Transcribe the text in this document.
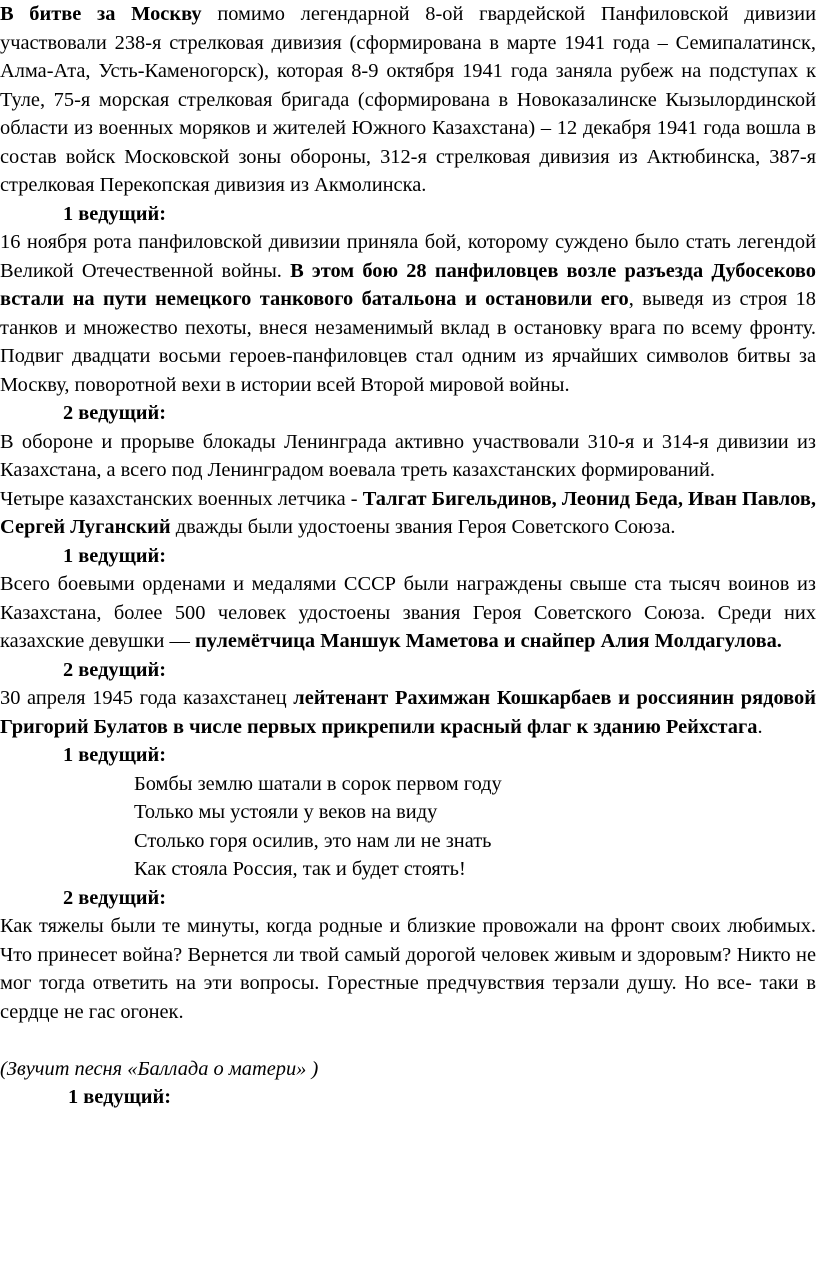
В битве за Москву помимо легендарной 8-ой гвардейской Панфиловской дивизии участвовали 238-я стрелковая дивизия (сформирована в марте 1941 года – Семипалатинск, Алма-Ата, Усть-Каменогорск), которая 8-9 октября 1941 года заняла рубеж на подступах к Туле, 75-я морская стрелковая бригада (сформирована в Новоказалинске Кызылординской области из военных моряков и жителей Южного Казахстана) – 12 декабря 1941 года вошла в состав войск Московской зоны обороны, 312-я стрелковая дивизия из Актюбинска, 387-я стрелковая Перекопская дивизия из Акмолинска.

1 ведущий:

16 ноября рота панфиловской дивизии приняла бой, которому суждено было стать легендой Великой Отечественной войны. В этом бою 28 панфиловцев возле разъезда Дубосеково встали на пути немецкого танкового батальона и остановили его, выведя из строя 18 танков и множество пехоты, внеся незаменимый вклад в остановку врага по всему фронту. Подвиг двадцати восьми героев-панфиловцев стал одним из ярчайших символов битвы за Москву, поворотной вехи в истории всей Второй мировой войны.

2 ведущий:

В обороне и прорыве блокады Ленинграда активно участвовали 310-я и 314-я дивизии из Казахстана, а всего под Ленинградом воевала треть казахстанских формирований.

Четыре казахстанских военных летчика - Талгат Бигельдинов, Леонид Беда, Иван Павлов, Сергей Луганский дважды были удостоены звания Героя Советского Союза.

1 ведущий:

Всего боевыми орденами и медалями СССР были награждены свыше ста тысяч воинов из Казахстана, более 500 человек удостоены звания Героя Советского Союза. Среди них казахские девушки — пулемётчица Маншук Маметова и снайпер Алия Молдагулова.

2 ведущий:

30 апреля 1945 года казахстанец лейтенант Рахимжан Кошкарбаев и россиянин рядовой Григорий Булатов в числе первых прикрепили красный флаг к зданию Рейхстага.

1 ведущий:
Бомбы землю шатали в сорок первом году
Только мы устояли у веков на виду
Столько горя осилив, это нам ли не знать
Как стояла Россия, так и будет стоять!
2 ведущий:

Как тяжелы были те минуты, когда родные и близкие провожали на фронт своих любимых. Что принесет война? Вернется ли твой самый дорогой человек живым и здоровым? Никто не мог тогда ответить на эти вопросы. Горестные предчувствия терзали душу. Но все- таки в сердце не гас огонек.

(Звучит песня «Баллада о матери» )

1 ведущий:
